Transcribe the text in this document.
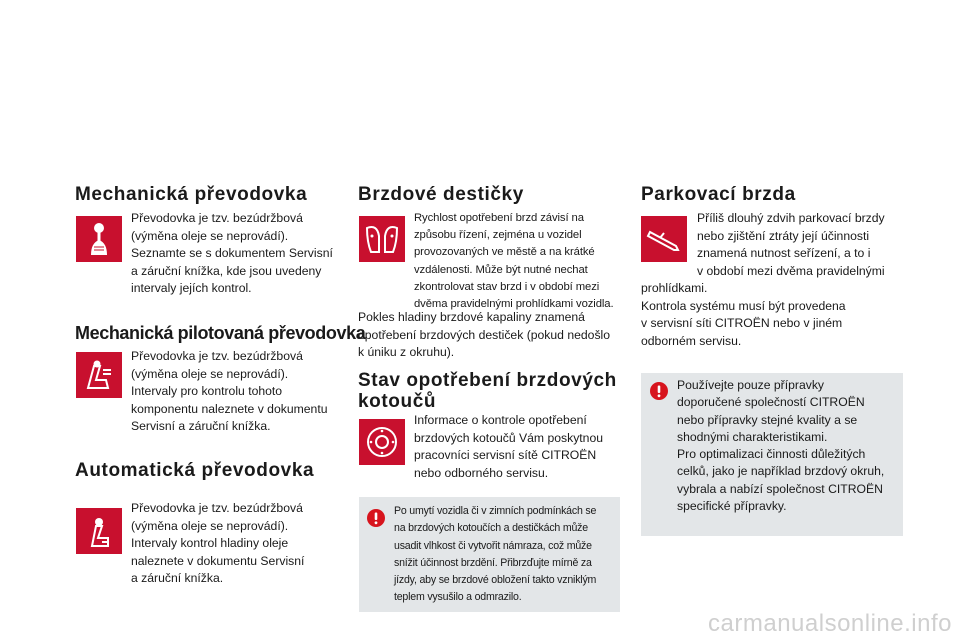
Mechanická převodovka

Převodovka je tzv. bezúdržbová
(výměna oleje se neprovádí).
Seznamte se s dokumentem Servisní
a záruční knížka, kde jsou uvedeny
intervaly jejích kontrol.

Mechanická pilotovaná převodovka

Převodovka je tzv. bezúdržbová
(výměna oleje se neprovádí).
Intervaly pro kontrolu tohoto
komponentu naleznete v dokumentu
Servisní a záruční knížka.

Automatická převodovka

Převodovka je tzv. bezúdržbová
(výměna oleje se neprovádí).
Intervaly kontrol hladiny oleje
naleznete v dokumentu Servisní
a záruční knížka.

Brzdové destičky

Rychlost opotřebení brzd závisí na
způsobu řízení, zejména u vozidel
provozovaných ve městě a na krátké
vzdálenosti. Může být nutné nechat
zkontrolovat stav brzd i v období mezi
dvěma pravidelnými prohlídkami vozidla.

Pokles hladiny brzdové kapaliny znamená
opotřebení brzdových destiček (pokud nedošlo
k úniku z okruhu).

Stav opotřebení brzdových
kotoučů

Informace o kontrole opotřebení
brzdových kotoučů Vám poskytnou
pracovníci servisní sítě CITROËN
nebo odborného servisu.

Po umytí vozidla či v zimních podmínkách se
na brzdových kotoučích a destičkách může
usadit vlhkost či vytvořit námraza, což může
snížit účinnost brzdění. Přibrzďujte mírně za
jízdy, aby se brzdové obložení takto vzniklým
teplem vysušilo a odmrazilo.
Parkovací brzda

Příliš dlouhý zdvih parkovací brzdy
nebo zjištění ztráty její účinnosti
znamená nutnost seřízení, a to i
v období mezi dvěma pravidelnými

prohlídkami.
Kontrola systému musí být provedena
v servisní síti CITROËN nebo v jiném
odborném servisu.

Používejte pouze přípravky
doporučené společností CITROËN
nebo přípravky stejné kvality a se
shodnými charakteristikami.
Pro optimalizaci činnosti důležitých
celků, jako je například brzdový okruh,
vybrala a nabízí společnost CITROËN
specifické přípravky.
carmanualsonline.info
